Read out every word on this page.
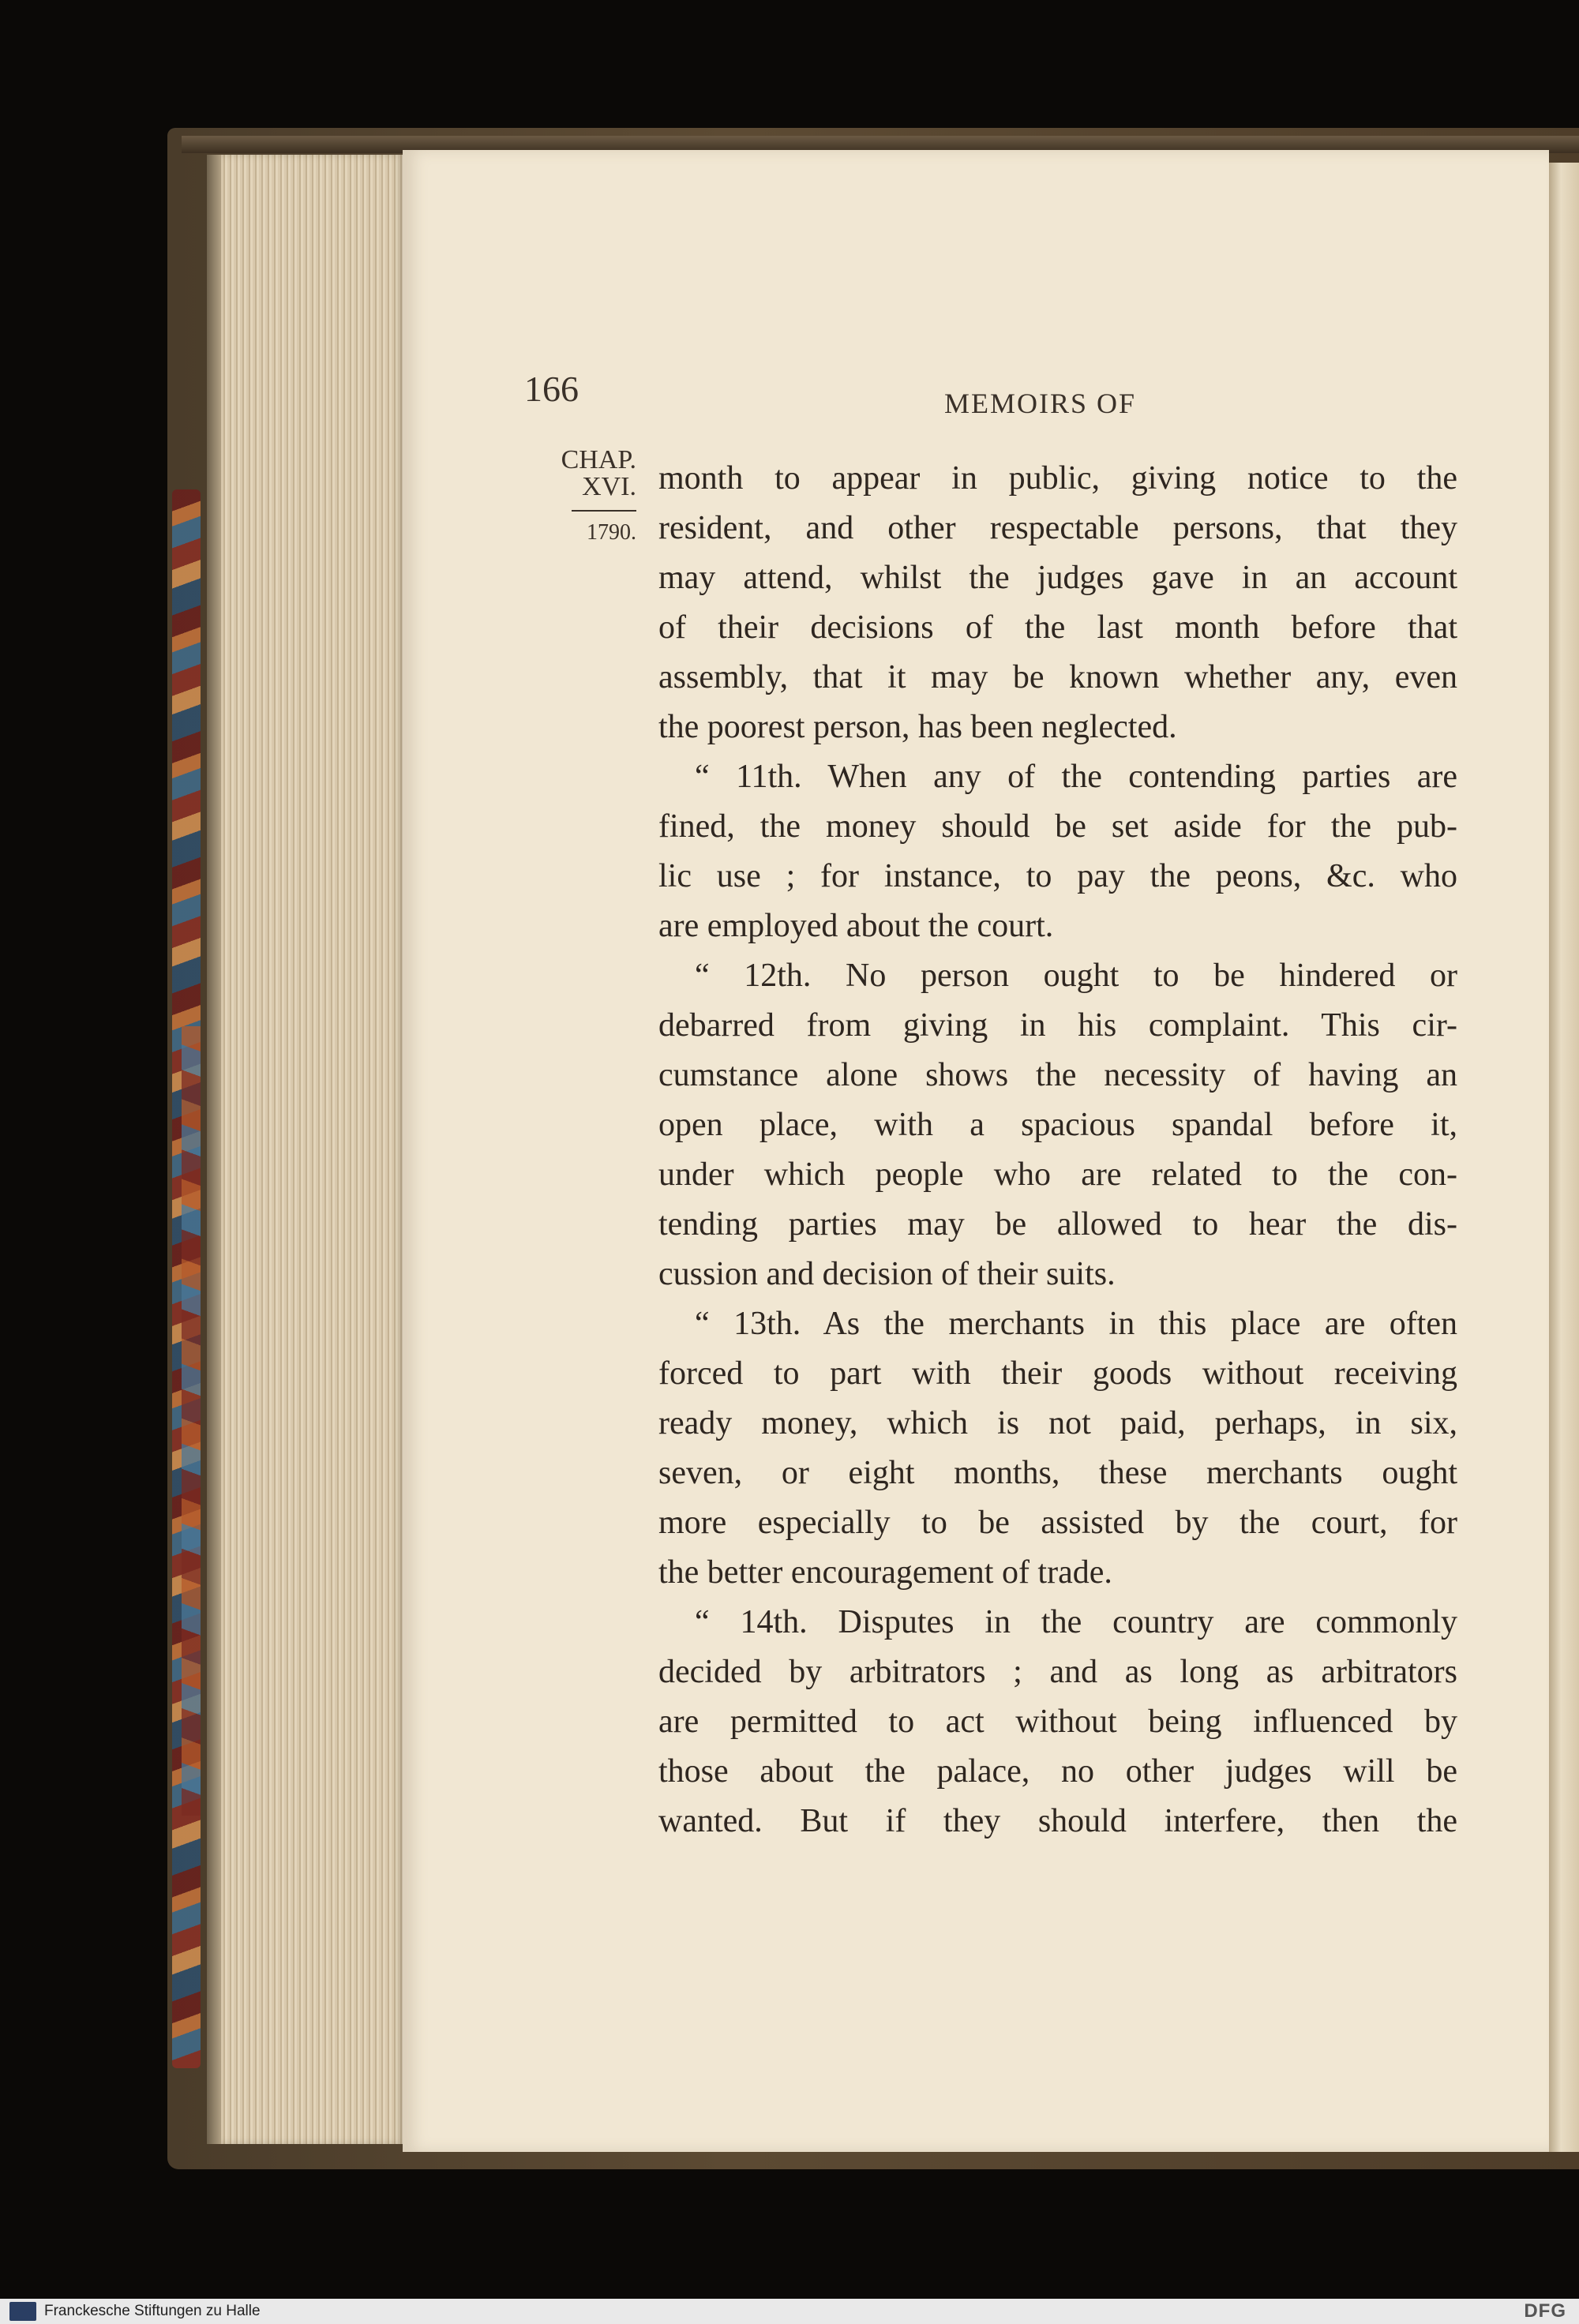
166	MEMOIRS OF
CHAP.
XVI.
1790.
month to appear in public, giving notice to the
resident, and other respectable persons, that they
may attend, whilst the judges gave in an account
of their decisions of the last month before that
assembly, that it may be known whether any, even
the poorest person, has been neglected.
“ 11th. When any of the contending parties are
fined, the money should be set aside for the pub-
lic use ; for instance, to pay the peons, &c. who
are employed about the court.
“ 12th. No person ought to be hindered or
debarred from giving in his complaint. This cir-
cumstance alone shows the necessity of having an
open place, with a spacious spandal before it,
under which people who are related to the con-
tending parties may be allowed to hear the dis-
cussion and decision of their suits.
“ 13th. As the merchants in this place are often
forced to part with their goods without receiving
ready money, which is not paid, perhaps, in six,
seven, or eight months, these merchants ought
more especially to be assisted by the court, for
the better encouragement of trade.
“ 14th. Disputes in the country are commonly
decided by arbitrators ; and as long as arbitrators
are permitted to act without being influenced by
those about the palace, no other judges will be
wanted. But if they should interfere, then the
Franckesche Stiftungen zu Halle	DFG
